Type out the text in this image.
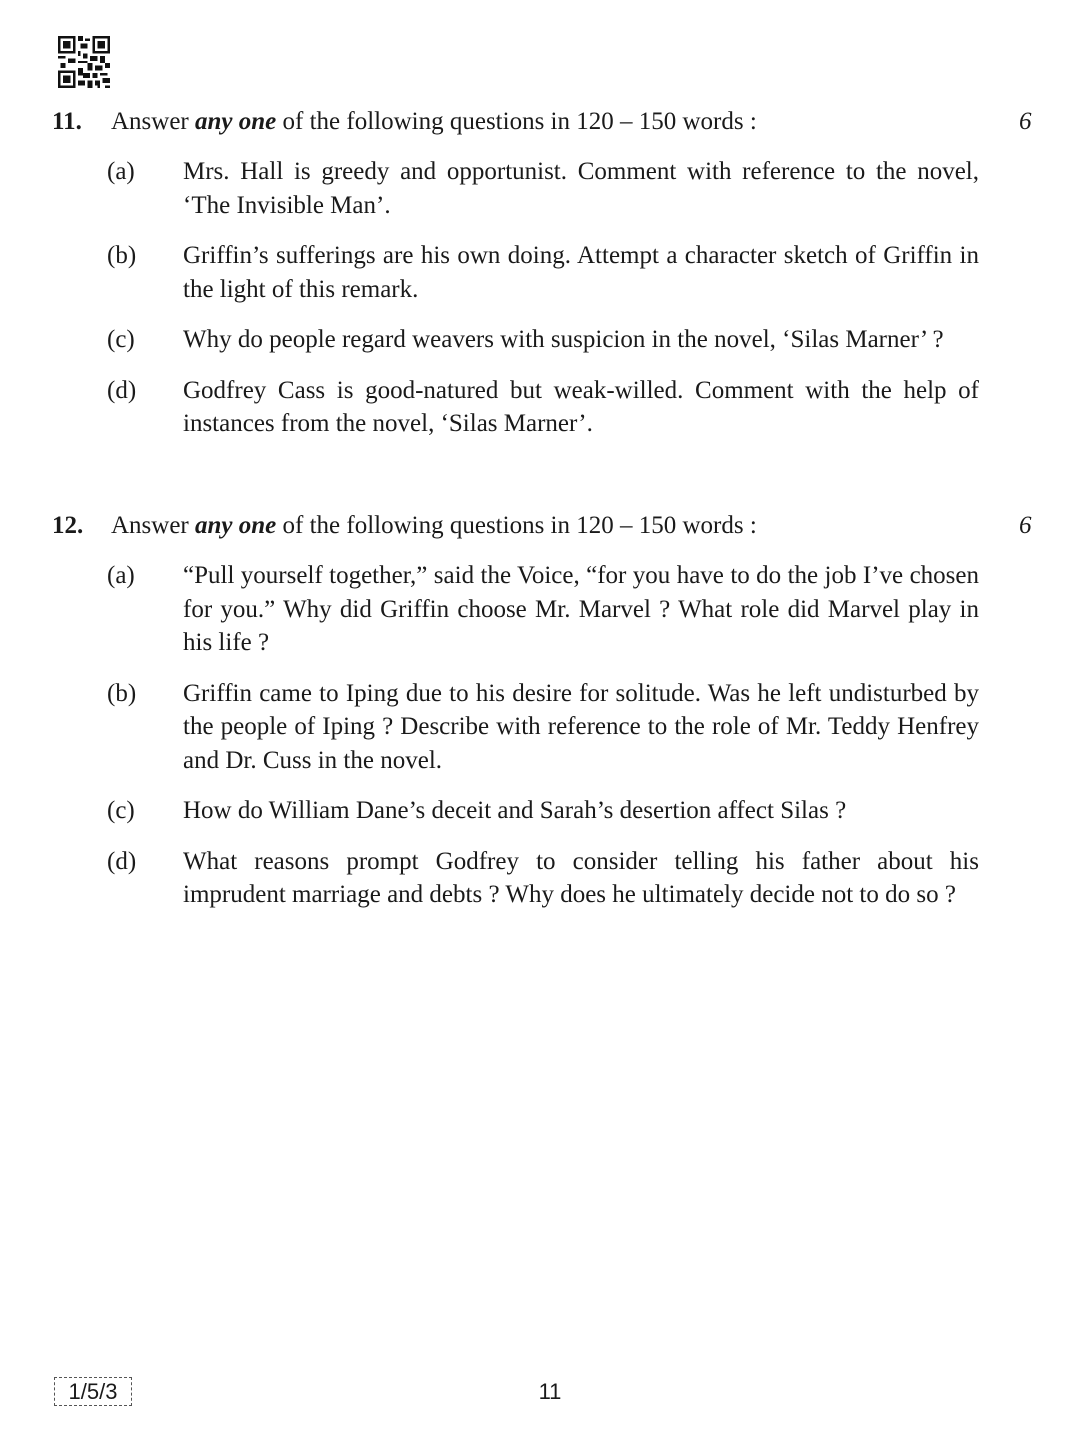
11. Answer any one of the following questions in 120 – 150 words :	6
(a) Mrs. Hall is greedy and opportunist. Comment with reference to the novel, ‘The Invisible Man’.
(b) Griffin’s sufferings are his own doing. Attempt a character sketch of Griffin in the light of this remark.
(c) Why do people regard weavers with suspicion in the novel, ‘Silas Marner’ ?
(d) Godfrey Cass is good-natured but weak-willed. Comment with the help of instances from the novel, ‘Silas Marner’.
12. Answer any one of the following questions in 120 – 150 words :	6
(a) “Pull yourself together,” said the Voice, “for you have to do the job I’ve chosen for you.” Why did Griffin choose Mr. Marvel ? What role did Marvel play in his life ?
(b) Griffin came to Iping due to his desire for solitude. Was he left undisturbed by the people of Iping ? Describe with reference to the role of Mr. Teddy Henfrey and Dr. Cuss in the novel.
(c) How do William Dane’s deceit and Sarah’s desertion affect Silas ?
(d) What reasons prompt Godfrey to consider telling his father about his imprudent marriage and debts ? Why does he ultimately decide not to do so ?
1/5/3	11
